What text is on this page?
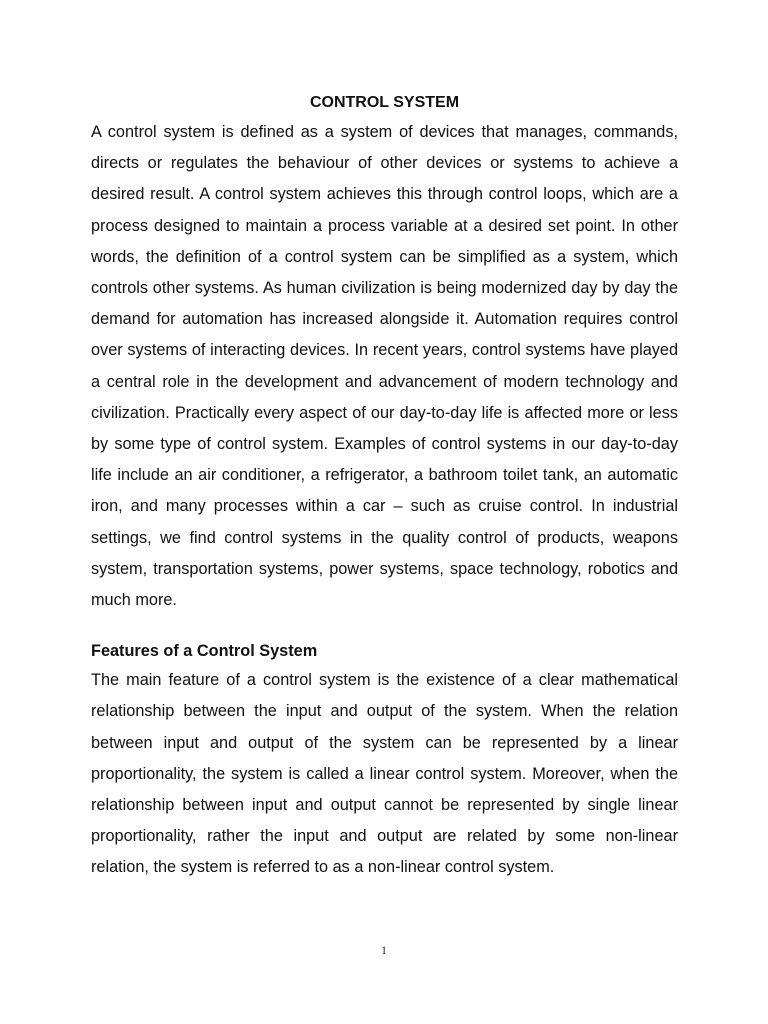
CONTROL SYSTEM

A control system is defined as a system of devices that manages, commands, directs or regulates the behaviour of other devices or systems to achieve a desired result. A control system achieves this through control loops, which are a process designed to maintain a process variable at a desired set point. In other words, the definition of a control system can be simplified as a system, which controls other systems. As human civilization is being modernized day by day the demand for automation has increased alongside it. Automation requires control over systems of interacting devices. In recent years, control systems have played a central role in the development and advancement of modern technology and civilization. Practically every aspect of our day-to-day life is affected more or less by some type of control system. Examples of control systems in our day-to-day life include an air conditioner, a refrigerator, a bathroom toilet tank, an automatic iron, and many processes within a car – such as cruise control. In industrial settings, we find control systems in the quality control of products, weapons system, transportation systems, power systems, space technology, robotics and much more.

Features of a Control System

The main feature of a control system is the existence of a clear mathematical relationship between the input and output of the system. When the relation between input and output of the system can be represented by a linear proportionality, the system is called a linear control system. Moreover, when the relationship between input and output cannot be represented by single linear proportionality, rather the input and output are related by some non-linear relation, the system is referred to as a non-linear control system.

1
